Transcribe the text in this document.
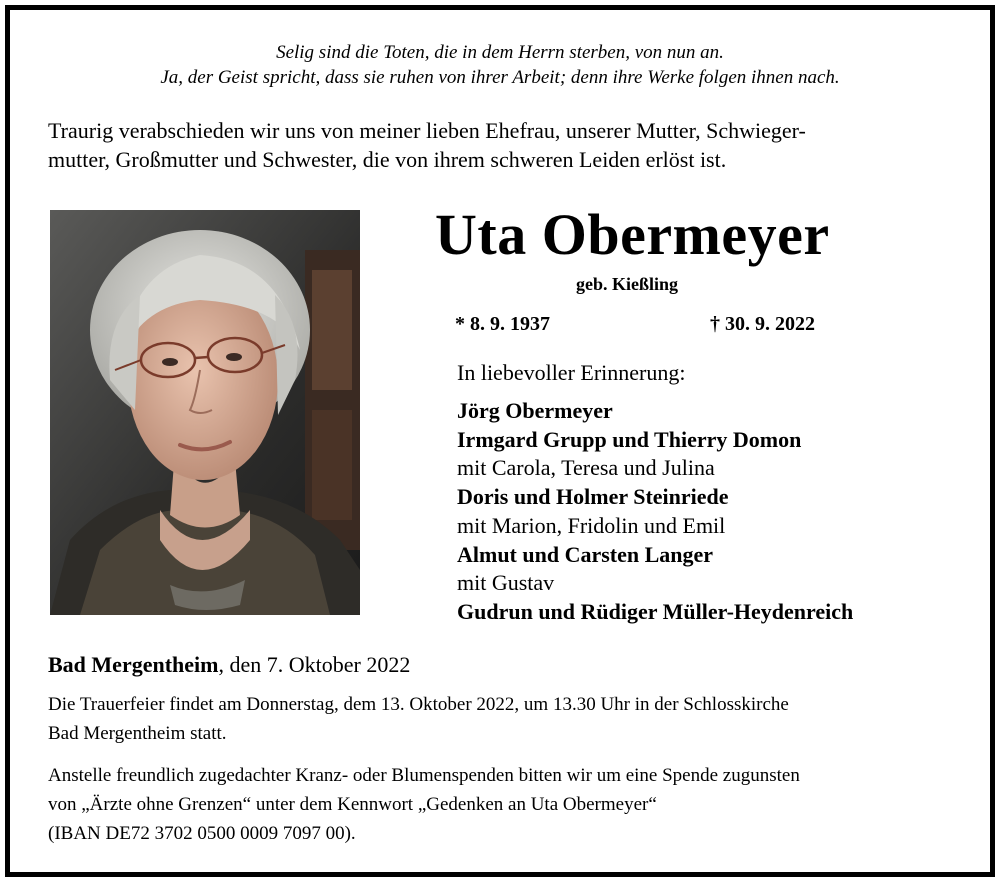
Selig sind die Toten, die in dem Herrn sterben, von nun an.
Ja, der Geist spricht, dass sie ruhen von ihrer Arbeit; denn ihre Werke folgen ihnen nach.
Traurig verabschieden wir uns von meiner lieben Ehefrau, unserer Mutter, Schwieger-
mutter, Großmutter und Schwester, die von ihrem schweren Leiden erlöst ist.
Uta Obermeyer
geb. Kießling
* 8. 9. 1937	† 30. 9. 2022
In liebevoller Erinnerung:
Jörg Obermeyer
Irmgard Grupp und Thierry Domon
mit Carola, Teresa und Julina
Doris und Holmer Steinriede
mit Marion, Fridolin und Emil
Almut und Carsten Langer
mit Gustav
Gudrun und Rüdiger Müller-Heydenreich
Bad Mergentheim, den 7. Oktober 2022
Die Trauerfeier findet am Donnerstag, dem 13. Oktober 2022, um 13.30 Uhr in der Schlosskirche
Bad Mergentheim statt.
Anstelle freundlich zugedachter Kranz- oder Blumenspenden bitten wir um eine Spende zugunsten
von „Ärzte ohne Grenzen“ unter dem Kennwort „Gedenken an Uta Obermeyer“
(IBAN DE72 3702 0500 0009 7097 00).
